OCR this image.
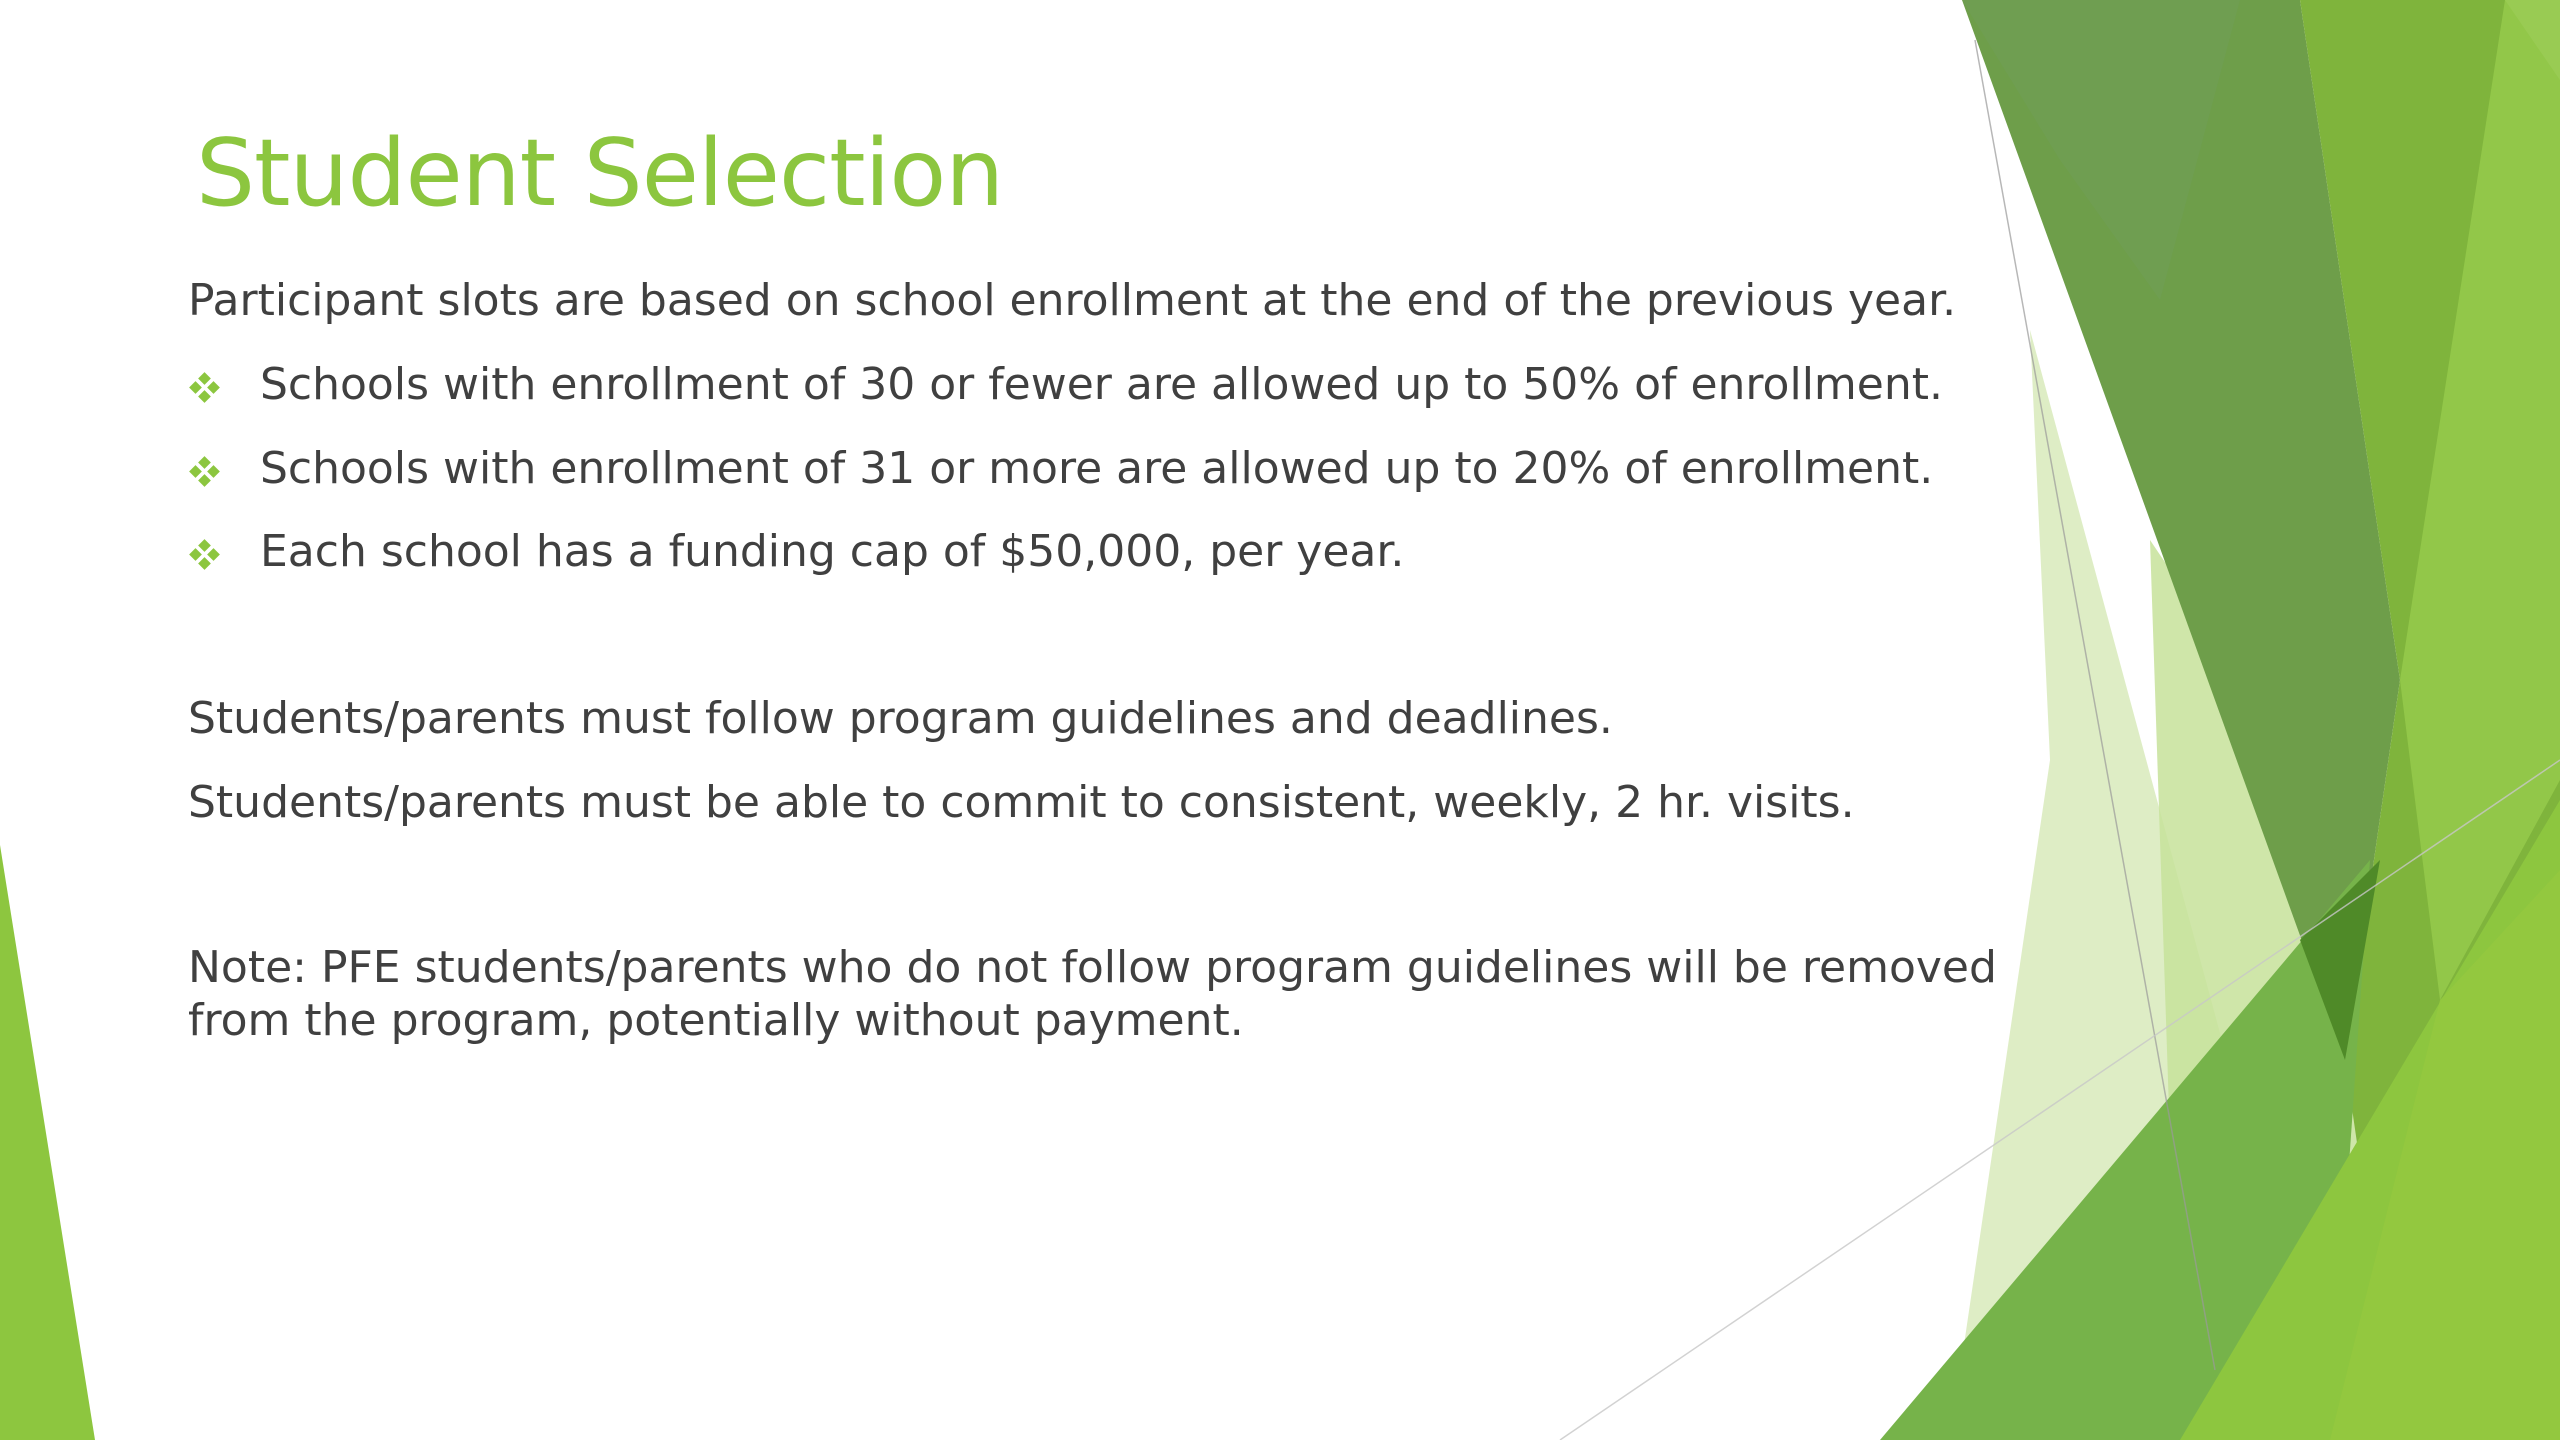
Student Selection

Participant slots are based on school enrollment at the end of the previous year.

Schools with enrollment of 30 or fewer are allowed up to 50% of enrollment.
Schools with enrollment of 31 or more are allowed up to 20% of enrollment.
Each school has a funding cap of $50,000, per year.

Students/parents must follow program guidelines and deadlines.

Students/parents must be able to commit to consistent, weekly, 2 hr. visits.

Note: PFE students/parents who do not follow program guidelines will be removed from the program, potentially without payment.
